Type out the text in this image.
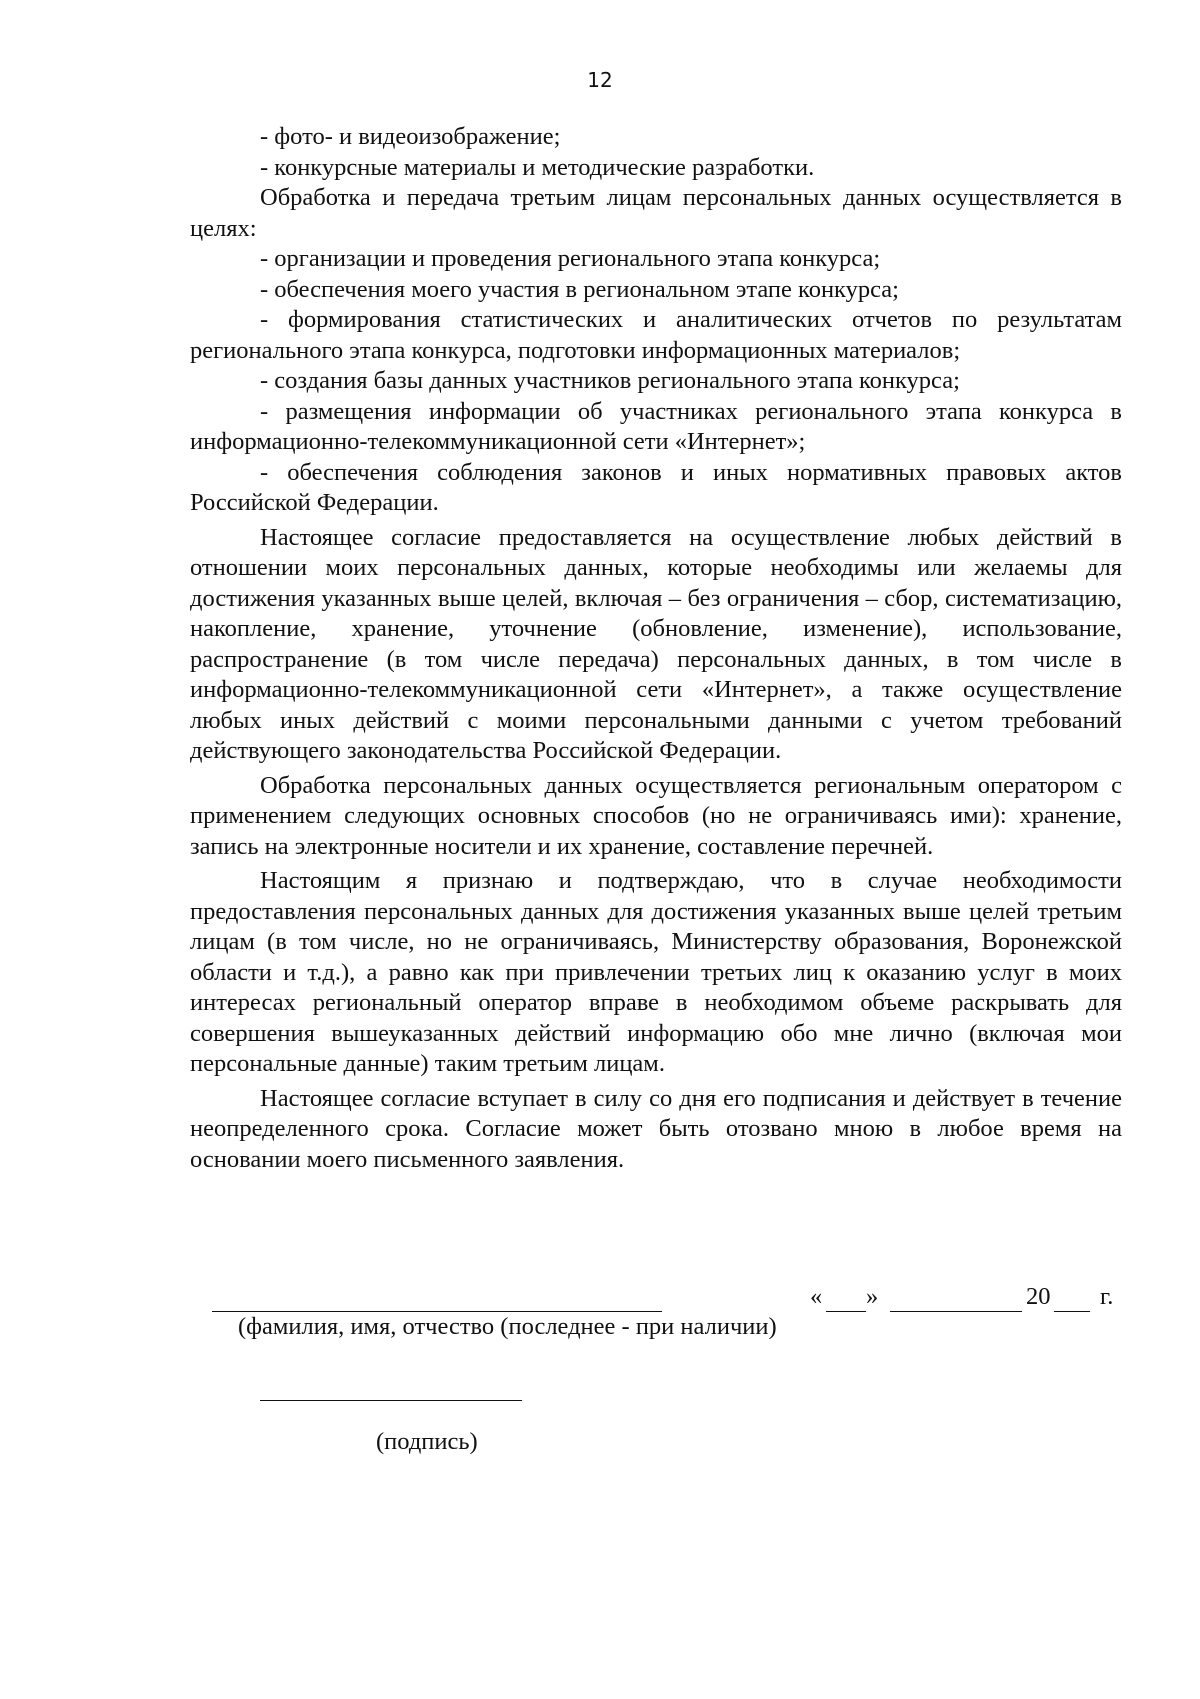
12

- фото- и видеоизображение;

- конкурсные материалы и методические разработки.

Обработка и передача третьим лицам персональных данных осуществляется в целях:

- организации и проведения регионального этапа конкурса;

- обеспечения моего участия в региональном этапе конкурса;

- формирования статистических и аналитических отчетов по результатам регионального этапа конкурса, подготовки информационных материалов;

- создания базы данных участников регионального этапа конкурса;

- размещения информации об участниках регионального этапа конкурса в информационно-телекоммуникационной сети «Интернет»;

- обеспечения соблюдения законов и иных нормативных правовых актов Российской Федерации.

Настоящее согласие предоставляется на осуществление любых действий в отношении моих персональных данных, которые необходимы или желаемы для достижения указанных выше целей, включая – без ограничения – сбор, систематизацию, накопление, хранение, уточнение (обновление, изменение), использование, распространение (в том числе передача) персональных данных, в том числе в информационно-телекоммуникационной сети «Интернет», а также осуществление любых иных действий с моими персональными данными с учетом требований действующего законодательства Российской Федерации.

Обработка персональных данных осуществляется региональным оператором с применением следующих основных способов (но не ограничиваясь ими): хранение, запись на электронные носители и их хранение, составление перечней.

Настоящим я признаю и подтверждаю, что в случае необходимости предоставления персональных данных для достижения указанных выше целей третьим лицам (в том числе, но не ограничиваясь, Министерству образования, Воронежской области и т.д.), а равно как при привлечении третьих лиц к оказанию услуг в моих интересах региональный оператор вправе в необходимом объеме раскрывать для совершения вышеуказанных действий информацию обо мне лично (включая мои персональные данные) таким третьим лицам.

Настоящее согласие вступает в силу со дня его подписания и действует в течение неопределенного срока. Согласие может быть отозвано мною в любое время на основании моего письменного заявления.

« »	20 г.
(фамилия, имя, отчество (последнее - при наличии)
(подпись)
